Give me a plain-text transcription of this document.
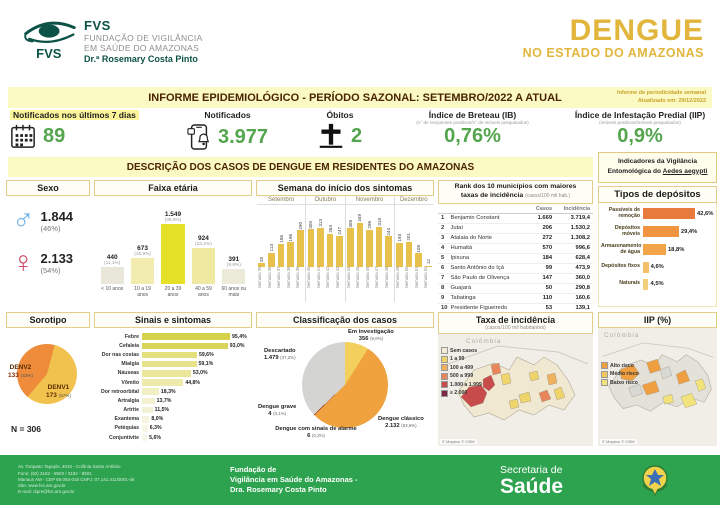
FVS
FVS
FUNDAÇÃO DE VIGILÂNCIA
EM SAÚDE DO AMAZONAS
Dr.ª Rosemary Costa Pinto
DENGUE
NO ESTADO DO AMAZONAS
INFORME EPIDEMIOLÓGICO - PERÍODO SAZONAL: SETEMBRO/2022 A ATUAL	Informe de periodicidade semanal
Atualizado em: 29/12/2022
Notificados nos últimos 7 dias
89
Notificados
3.977
Óbitos
2
Índice de Breteau (IB)
(n° de recipientes positivos/n° de imóveis pesquisados)
0,76%
Índice de Infestação Predial (IIP)
(imóveis positivos/imóveis pesquisados)
0,9%
DESCRIÇÃO DOS CASOS DE DENGUE EM RESIDENTES DO AMAZONAS	Indicadores da Vigilância
Entomológica do Aedes aegypti
Sexo
♂ 1.844
(46%)
♀ 2.133
(54%)
Faixa etária
440
(11,1%)
< 10 anos
673
(16,9%)
10 a 19 anos
1.549
(38,9%)
20 a 39 anos
924
(23,2%)
40 a 59 anos
391
(9,8%)
60 anos ou mais
Semana do início dos sintomas
Setembro
28
113
186 196
290
Semana 35	Semana 36	Semana 37	Semana 38	Semana 39
Outubro
300 313
264 247
Semana 40	Semana 41	Semana 42	Semana 43
Novembro
308
349
296 319
244
Semana 44	Semana 45	Semana 46	Semana 47	Semana 48
Dezembro
193 201
108
12
Semana 49	Semana 50	Semana 51	Semana 52
Rank dos 10 municípios com maiores
taxas de incidência (casos/100 mil hab.)
		Casos	Incidência
1	Benjamin Constant	1.669	3.719,4
2	Jutaí	206	1.530,2
3	Atalaia do Norte	272	1.308,2
4	Humaitá	570	996,6
5	Ipixuna	184	628,4
6	Santo Antônio do Içá	99	473,9
7	São Paulo de Olivença	147	360,0
8	Guajará	50	290,8
9	Tabatinga	110	160,6
10	Presidente Figueiredo	53	139,1
Tipos de depósitos
Passíveis de remoção	42,6%
Depósitos móveis	29,4%
Armazenamento de água	18,8%
Depósitos fixos	4,6%
Naturais	4,5%
Sorotipo
DENV2
133 (43%)
DENV1
173 (57%)
N = 306
Sinais e sintomas
Febre	95,4%
Cefaleia	93,0%
Dor nas costas	59,6%
Mialgia	59,1%
Náuseas	53,0%
Vômito	44,8%
Dor retroorbital	18,3%
Artralgia	13,7%
Artrite	11,5%
Exantema	8,0%
Petéquias	6,3%
Conjuntivite	5,6%
Classificação dos casos
Em investigação
356 (9,0%)
Descartado
1.479 (37,2%)
Dengue grave
4 (0,1%)
Dengue com sinais de alarme
6 (0,2%)
Dengue clássico
2.132 (53,6%)
Taxa de incidência
(casos/100 mil habitantes)
Colômbia
Sem casos
1 a 99
100 a 499
500 a 999
1.000 a 1.999
≥ 2.000
© Mapbox © OSM
IIP (%)
Colômbia
Alto risco
Médio risco
Baixo risco
© Mapbox © OSM
Av. Torquato Tapajós, 4010 - Colônia Santo Antônio
Fone: (92) 3182 - 8503 / 3182 - 8501
Manaus AM - CEP 69.093-018 CNPJ: 07.141.411/0001-46
Site: www.fvs.am.gov.br
E-mail: dipre@fvs.am.gov.br
Fundação de
Vigilância em Saúde do Amazonas -
Dra. Rosemary Costa Pinto
Secretaria de
Saúde
